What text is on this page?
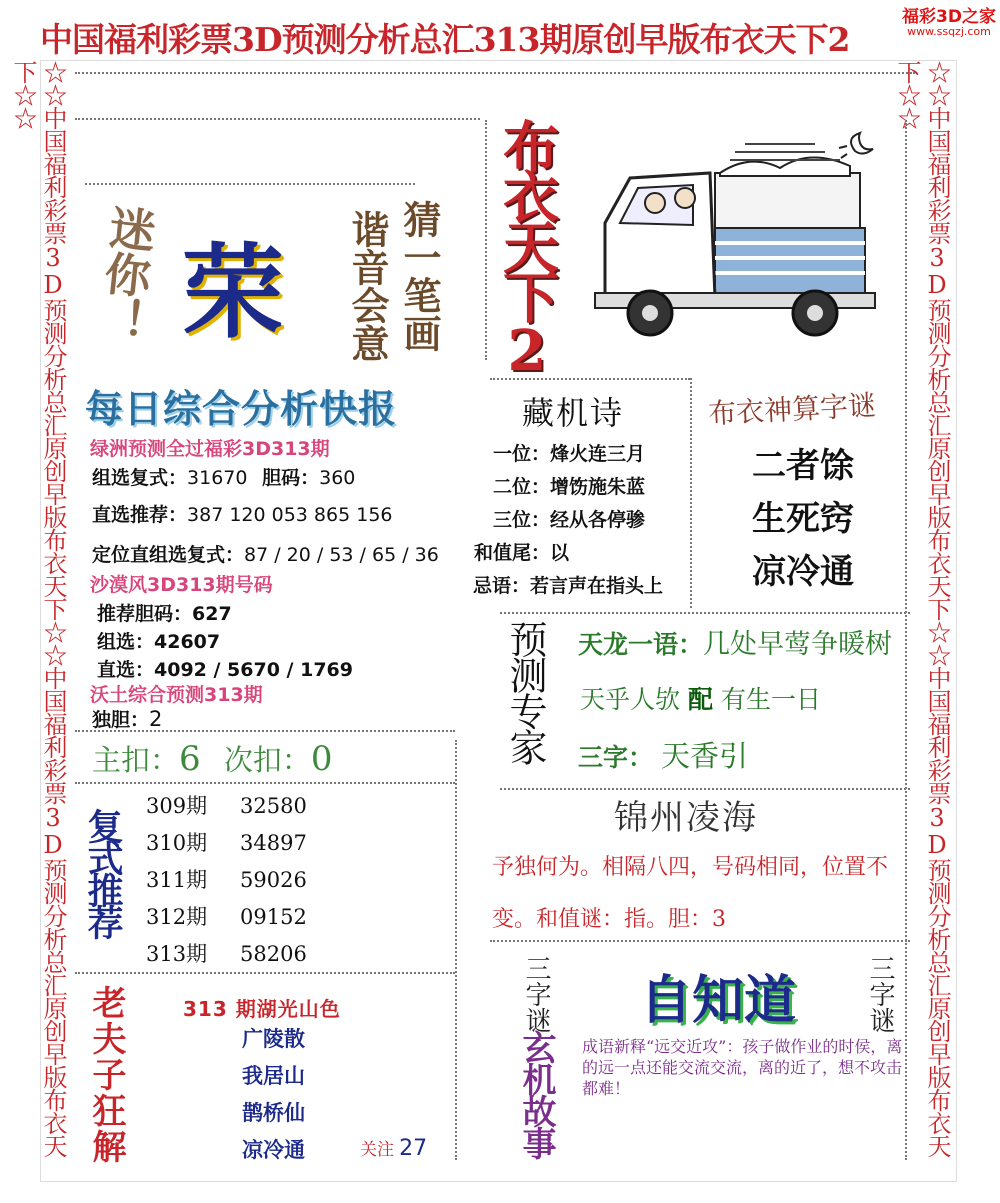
中国福利彩票3D预测分析总汇313期原创早版布衣天下2
福彩3D之家
www.ssqzj.com
☆☆中国福利彩票3D预测分析总汇原创早版布衣天下☆☆中国福利彩票3D预测分析总汇原创早版布衣天下☆☆	☆☆中国福利彩票3D预测分析总汇原创早版布衣天下☆☆中国福利彩票3D预测分析总汇原创早版布衣天下☆☆
迷你！ 荣	猜一笔画
谐音会意 布衣天下2
每日综合分析快报
绿洲预测全过福彩3D313期
组选复式：31670 胆码：360
直选推荐：387 120 053 865 156
定位直组选复式：87 / 20 / 53 / 65 / 36
沙漠风3D313期号码
推荐胆码：627
组选：42607
直选：4092 / 5670 / 1769
沃土综合预测313期
独胆：2
主扣：6 次扣：0
复式推荐
309期 32580
310期 34897
311期 59026
312期 09152
313期 58206
老夫子狂解	313 期湖光山色
广陵散
我居山
鹊桥仙
凉冷通	关注 27
藏机诗
一位：烽火连三月
二位：增饬施朱蓝
三位：经从各停骖
和值尾：以
忌语：若言声在指头上
布衣神算字谜
二者馀
生死窍
凉冷通
预测专家 天龙一语：几处早莺争暖树
天乎人欤 配 有生一日
三字： 天香引
锦州凌海
予独何为。相隔八四，号码相同，位置不变。和值谜：指。胆：3
三字谜	三字谜
自知道
玄机故事	成语新释“远交近攻”：孩子做作业的时侯，离的远一点还能交流交流，离的近了，想不攻击都难！
